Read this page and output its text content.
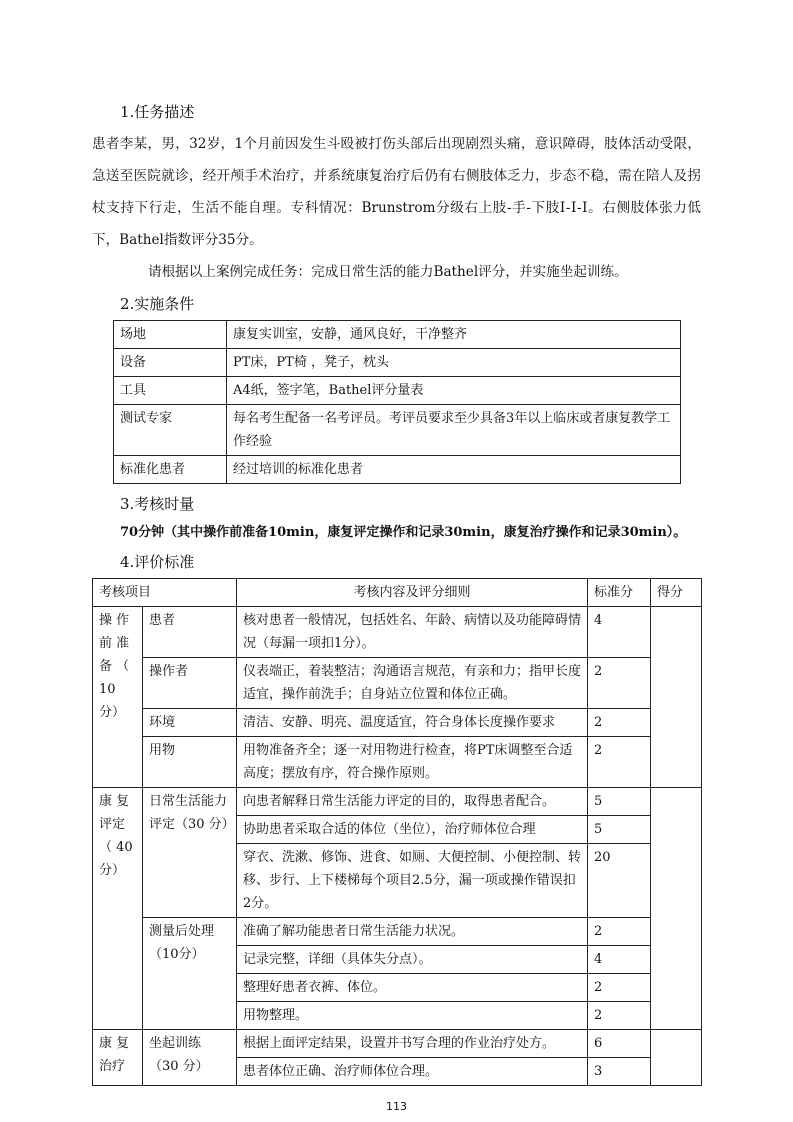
1.任务描述

患者李某，男，32岁，1个月前因发生斗殴被打伤头部后出现剧烈头痛，意识障碍，肢体活动受限，急送至医院就诊，经开颅手术治疗，并系统康复治疗后仍有右侧肢体乏力，步态不稳，需在陪人及拐杖支持下行走，生活不能自理。专科情况：Brunstrom分级右上肢-手-下肢Ⅰ-Ⅰ-Ⅰ。右侧肢体张力低下，Bathel指数评分35分。

请根据以上案例完成任务：完成日常生活的能力Bathel评分，并实施坐起训练。

2.实施条件
场地	康复实训室，安静，通风良好，干净整齐
设备	PT床，PT椅 ，凳子，枕头
工具	A4纸，签字笔，Bathel评分量表
测试专家	每名考生配备一名考评员。考评员要求至少具备3年以上临床或者康复教学工作经验
标准化患者	经过培训的标准化患者
3.考核时量
70分钟（其中操作前准备10min，康复评定操作和记录30min，康复治疗操作和记录30min）。
4.评价标准
考核项目		考核内容及评分细则	标准分	得分
操 作 前 准 备 （ 10 分）	患者	核对患者一般情况，包括姓名、年龄、病情以及功能障碍情况（每漏一项扣1分）。	4	
	操作者	仪表端正，着装整洁；沟通语言规范，有亲和力；指甲长度适宜，操作前洗手；自身站立位置和体位正确。	2	
	环境	清洁、安静、明亮、温度适宜，符合身体长度操作要求	2	
	用物	用物准备齐全；逐一对用物进行检查，将PT床调整至合适高度；摆放有序，符合操作原则。	2	
康 复 评定 （ 40 分）	日常生活能力评定（30 分）	向患者解释日常生活能力评定的目的，取得患者配合。	5	
		协助患者采取合适的体位（坐位），治疗师体位合理	5	
		穿衣、洗漱、修饰、进食、如厕、大便控制、小便控制、转移、步行、上下楼梯每个项目2.5分，漏一项或操作错误扣2分。	20	
	测量后处理 （10分）	准确了解功能患者日常生活能力状况。	2	
		记录完整，详细（具体失分点）。	4	
		整理好患者衣裤、体位。	2	
		用物整理。	2	
康 复 治疗	坐起训练（30 分）	根据上面评定结果，设置并书写合理的作业治疗处方。	6	
		患者体位正确、治疗师体位合理。	3	
113
